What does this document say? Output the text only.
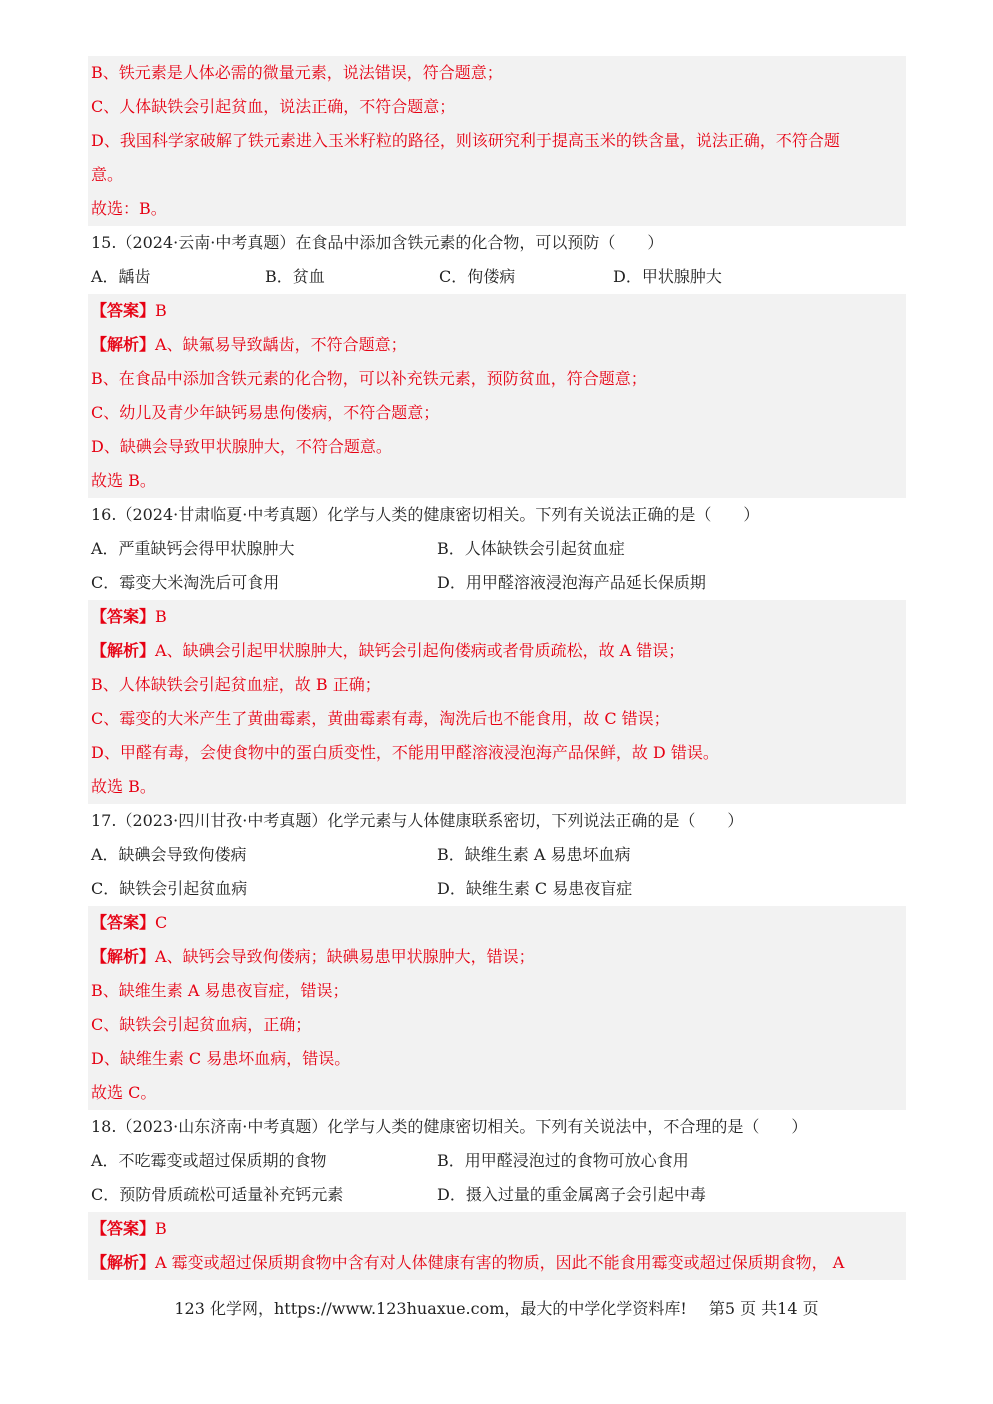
B、铁元素是人体必需的微量元素，说法错误，符合题意；
C、人体缺铁会引起贫血，说法正确，不符合题意；
D、我国科学家破解了铁元素进入玉米籽粒的路径，则该研究利于提高玉米的铁含量，说法正确，不符合题
意。
故选：B。
15.（2024·云南·中考真题）在食品中添加含铁元素的化合物，可以预防（　　）
A．龋齿	B．贫血	C．佝偻病	D．甲状腺肿大
【答案】B
【解析】A、缺氟易导致龋齿，不符合题意；
B、在食品中添加含铁元素的化合物，可以补充铁元素，预防贫血，符合题意；
C、幼儿及青少年缺钙易患佝偻病，不符合题意；
D、缺碘会导致甲状腺肿大，不符合题意。
故选 B。
16.（2024·甘肃临夏·中考真题）化学与人类的健康密切相关。下列有关说法正确的是（　　）
A．严重缺钙会得甲状腺肿大	B．人体缺铁会引起贫血症
C．霉变大米淘洗后可食用	D．用甲醛溶液浸泡海产品延长保质期
【答案】B
【解析】A、缺碘会引起甲状腺肿大，缺钙会引起佝偻病或者骨质疏松，故 A 错误；
B、人体缺铁会引起贫血症，故 B 正确；
C、霉变的大米产生了黄曲霉素，黄曲霉素有毒，淘洗后也不能食用，故 C 错误；
D、甲醛有毒，会使食物中的蛋白质变性，不能用甲醛溶液浸泡海产品保鲜，故 D 错误。
故选 B。
17.（2023·四川甘孜·中考真题）化学元素与人体健康联系密切，下列说法正确的是（　　）
A．缺碘会导致佝偻病	B．缺维生素 A 易患坏血病
C．缺铁会引起贫血病	D．缺维生素 C 易患夜盲症
【答案】C
【解析】A、缺钙会导致佝偻病；缺碘易患甲状腺肿大，错误；
B、缺维生素 A 易患夜盲症，错误；
C、缺铁会引起贫血病，正确；
D、缺维生素 C 易患坏血病，错误。
故选 C。
18.（2023·山东济南·中考真题）化学与人类的健康密切相关。下列有关说法中，不合理的是（　　）
A．不吃霉变或超过保质期的食物	B．用甲醛浸泡过的食物可放心食用
C．预防骨质疏松可适量补充钙元素	D．摄入过量的重金属离子会引起中毒
【答案】B
【解析】A 霉变或超过保质期食物中含有对人体健康有害的物质，因此不能食用霉变或超过保质期食物， A
123 化学网，https://www.123huaxue.com，最大的中学化学资料库! 第5 页 共14 页
